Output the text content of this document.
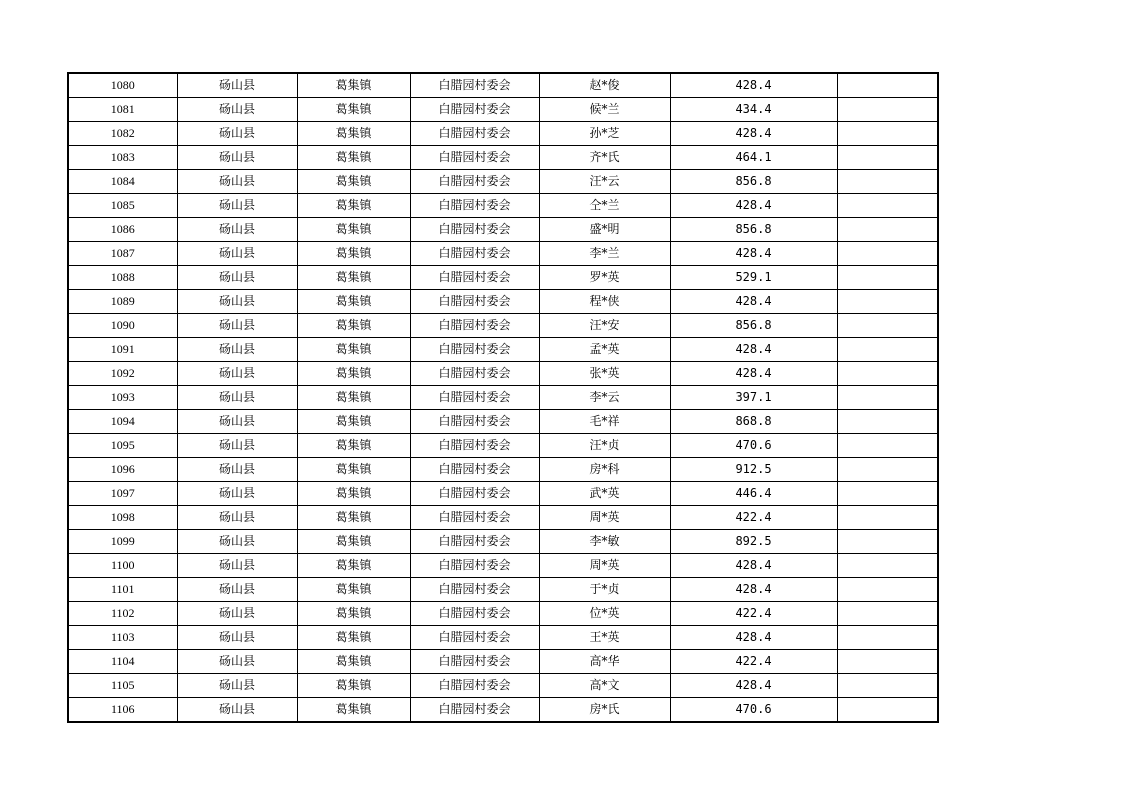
1080	砀山县	葛集镇	白腊园村委会	赵*俊	428.4	
1081	砀山县	葛集镇	白腊园村委会	候*兰	434.4	
1082	砀山县	葛集镇	白腊园村委会	孙*芝	428.4	
1083	砀山县	葛集镇	白腊园村委会	齐*氏	464.1	
1084	砀山县	葛集镇	白腊园村委会	汪*云	856.8	
1085	砀山县	葛集镇	白腊园村委会	仝*兰	428.4	
1086	砀山县	葛集镇	白腊园村委会	盛*明	856.8	
1087	砀山县	葛集镇	白腊园村委会	李*兰	428.4	
1088	砀山县	葛集镇	白腊园村委会	罗*英	529.1	
1089	砀山县	葛集镇	白腊园村委会	程*侠	428.4	
1090	砀山县	葛集镇	白腊园村委会	汪*安	856.8	
1091	砀山县	葛集镇	白腊园村委会	孟*英	428.4	
1092	砀山县	葛集镇	白腊园村委会	张*英	428.4	
1093	砀山县	葛集镇	白腊园村委会	李*云	397.1	
1094	砀山县	葛集镇	白腊园村委会	毛*祥	868.8	
1095	砀山县	葛集镇	白腊园村委会	汪*贞	470.6	
1096	砀山县	葛集镇	白腊园村委会	房*科	912.5	
1097	砀山县	葛集镇	白腊园村委会	武*英	446.4	
1098	砀山县	葛集镇	白腊园村委会	周*英	422.4	
1099	砀山县	葛集镇	白腊园村委会	李*敏	892.5	
1100	砀山县	葛集镇	白腊园村委会	周*英	428.4	
1101	砀山县	葛集镇	白腊园村委会	于*贞	428.4	
1102	砀山县	葛集镇	白腊园村委会	位*英	422.4	
1103	砀山县	葛集镇	白腊园村委会	王*英	428.4	
1104	砀山县	葛集镇	白腊园村委会	高*华	422.4	
1105	砀山县	葛集镇	白腊园村委会	高*文	428.4	
1106	砀山县	葛集镇	白腊园村委会	房*氏	470.6	
